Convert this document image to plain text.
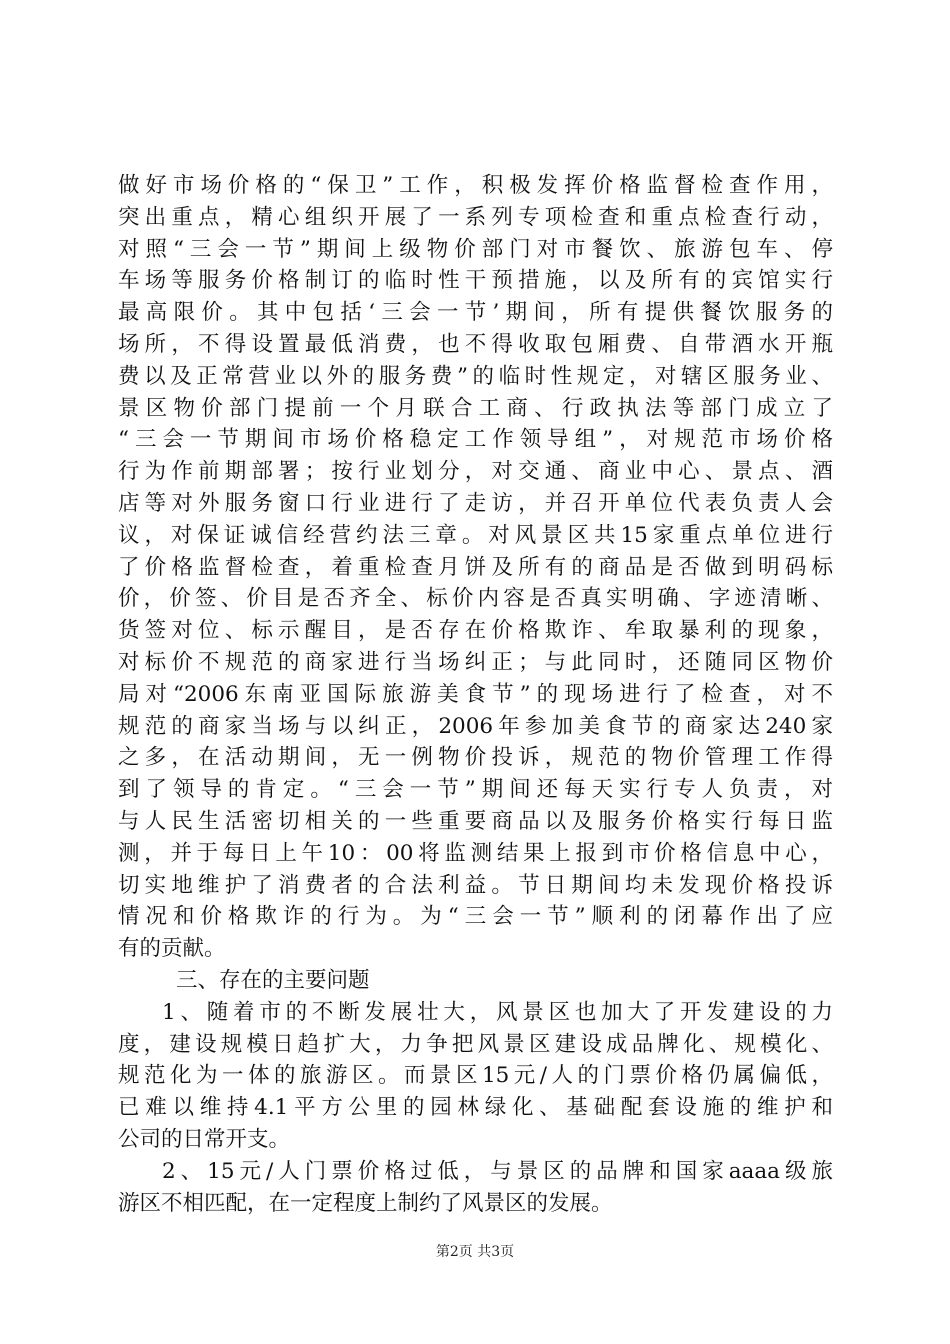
做好市场价格的“保卫”工作，积极发挥价格监督检查作用，
突出重点，精心组织开展了一系列专项检查和重点检查行动，
对照“三会一节”期间上级物价部门对市餐饮、旅游包车、停
车场等服务价格制订的临时性干预措施，以及所有的宾馆实行
最高限价。其中包括‘三会一节’期间，所有提供餐饮服务的
场所，不得设置最低消费，也不得收取包厢费、自带酒水开瓶
费以及正常营业以外的服务费”的临时性规定，对辖区服务业、
景区物价部门提前一个月联合工商、行政执法等部门成立了
“三会一节期间市场价格稳定工作领导组”，对规范市场价格
行为作前期部署；按行业划分，对交通、商业中心、景点、酒
店等对外服务窗口行业进行了走访，并召开单位代表负责人会
议，对保证诚信经营约法三章。对风景区共15家重点单位进行
了价格监督检查，着重检查月饼及所有的商品是否做到明码标
价，价签、价目是否齐全、标价内容是否真实明确、字迹清晰、
货签对位、标示醒目，是否存在价格欺诈、牟取暴利的现象，
对标价不规范的商家进行当场纠正；与此同时，还随同区物价
局对“2006东南亚国际旅游美食节”的现场进行了检查，对不
规范的商家当场与以纠正，2006年参加美食节的商家达240家
之多，在活动期间，无一例物价投诉，规范的物价管理工作得
到了领导的肯定。“三会一节”期间还每天实行专人负责，对
与人民生活密切相关的一些重要商品以及服务价格实行每日监
测，并于每日上午10：00将监测结果上报到市价格信息中心，
切实地维护了消费者的合法利益。节日期间均未发现价格投诉
情况和价格欺诈的行为。为“三会一节”顺利的闭幕作出了应
有的贡献。
三、存在的主要问题
1、随着市的不断发展壮大，风景区也加大了开发建设的力
度，建设规模日趋扩大，力争把风景区建设成品牌化、规模化、
规范化为一体的旅游区。而景区15元/人的门票价格仍属偏低，
已难以维持4.1平方公里的园林绿化、基础配套设施的维护和
公司的日常开支。
2、15元/人门票价格过低，与景区的品牌和国家aaaa级旅
游区不相匹配，在一定程度上制约了风景区的发展。
第2页 共3页
